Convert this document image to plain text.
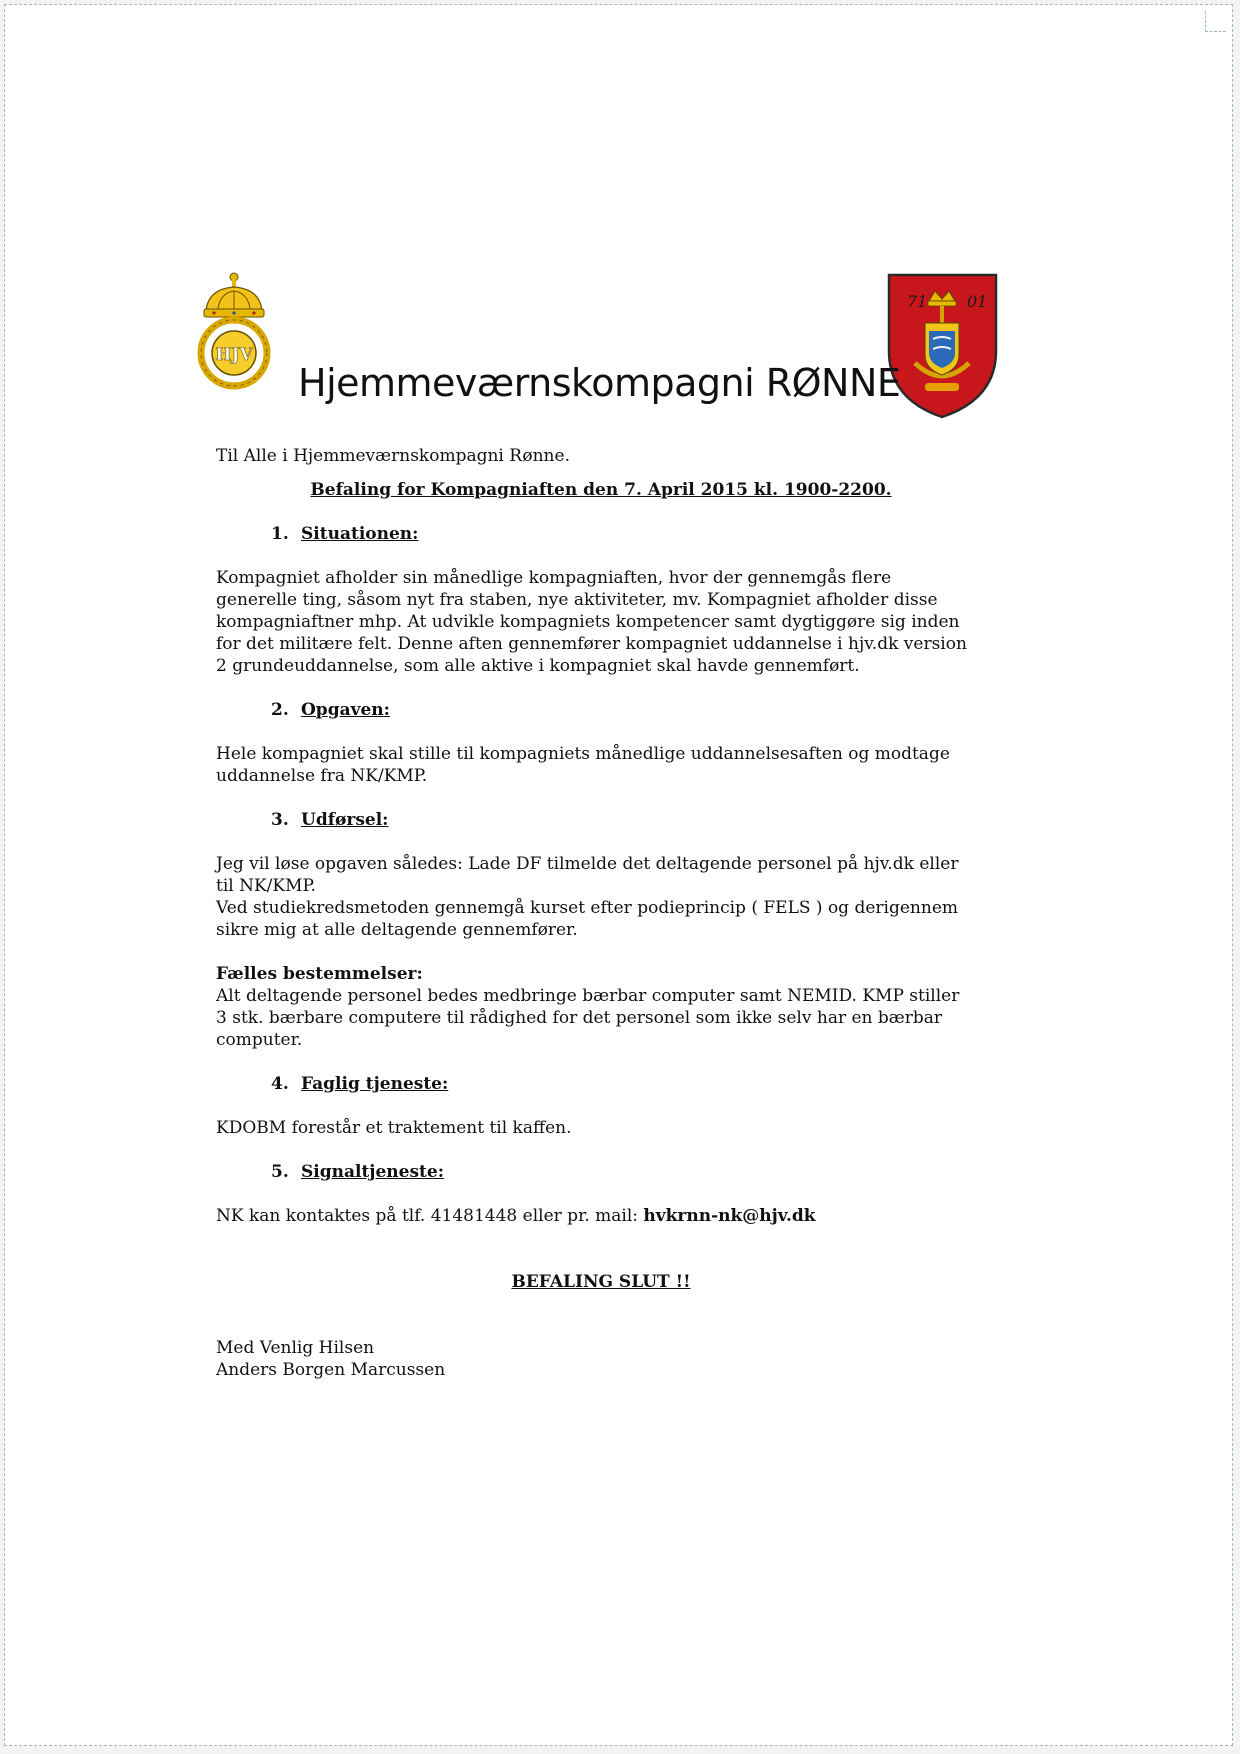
HJV
71 01
Hjemmeværnskompagni RØNNE

Til Alle i Hjemmeværnskompagni Rønne.

Befaling for Kompagniaften den 7. April 2015 kl. 1900-2200.

1. Situationen:

Kompagniet afholder sin månedlige kompagniaften, hvor der gennemgås flere

generelle ting, såsom nyt fra staben, nye aktiviteter, mv. Kompagniet afholder disse

kompagniaftner mhp. At udvikle kompagniets kompetencer samt dygtiggøre sig inden

for det militære felt. Denne aften gennemfører kompagniet uddannelse i hjv.dk version

2 grundeuddannelse, som alle aktive i kompagniet skal havde gennemført.

2. Opgaven:

Hele kompagniet skal stille til kompagniets månedlige uddannelsesaften og modtage

uddannelse fra NK/KMP.

3. Udførsel:

Jeg vil løse opgaven således: Lade DF tilmelde det deltagende personel på hjv.dk eller

til NK/KMP.

Ved studiekredsmetoden gennemgå kurset efter podieprincip ( FELS ) og derigennem

sikre mig at alle deltagende gennemfører.

Fælles bestemmelser:

Alt deltagende personel bedes medbringe bærbar computer samt NEMID. KMP stiller

3 stk. bærbare computere til rådighed for det personel som ikke selv har en bærbar

computer.

4. Faglig tjeneste:

KDOBM forestår et traktement til kaffen.

5. Signaltjeneste:

NK kan kontaktes på tlf. 41481448 eller pr. mail: hvkrnn-nk@hjv.dk

BEFALING SLUT !!

Med Venlig Hilsen

Anders Borgen Marcussen
